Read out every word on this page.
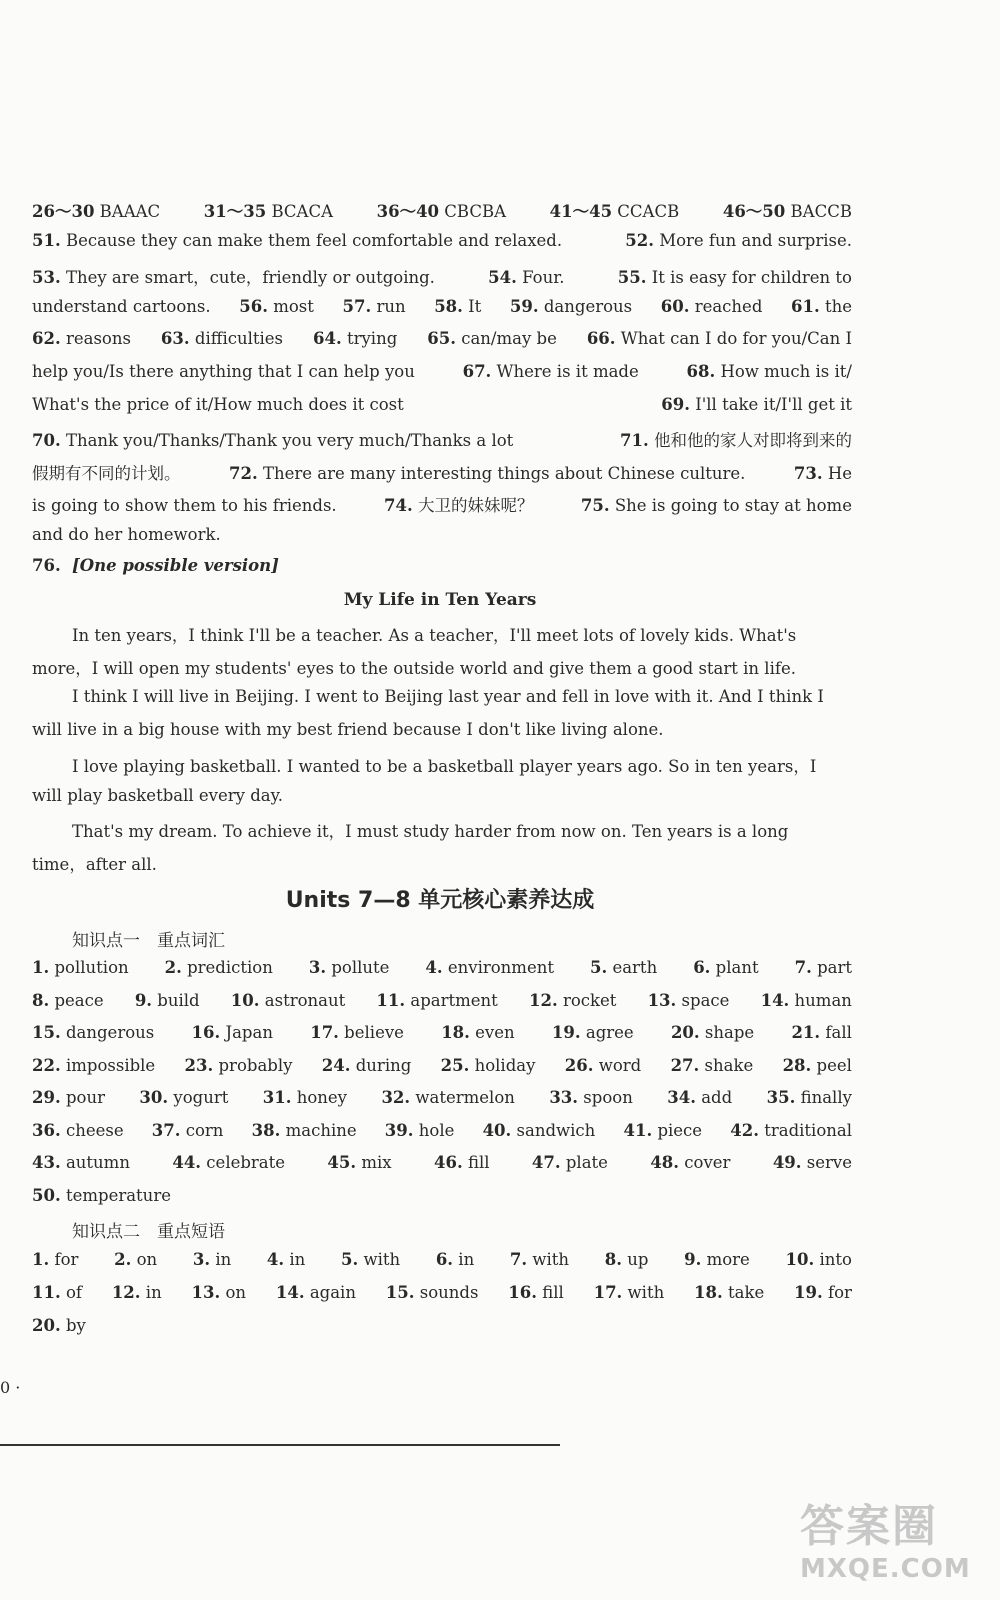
26～30 BAAAC	31～35 BCACA	36～40 CBCBA	41～45 CCACB	46～50 BACCB
51. Because they can make them feel comfortable and relaxed.	52. More fun and surprise.
53. They are smart，cute，friendly or outgoing.	54. Four.	55. It is easy for children to
understand cartoons. 56. most 57. run 58. It 59. dangerous 60. reached 61. the
62. reasons 63. difficulties 64. trying 65. can/may be 66. What can I do for you/Can I
help you/Is there anything that I can help you	67. Where is it made	68. How much is it/
What's the price of it/How much does it cost	69. I'll take it/I'll get it
70. Thank you/Thanks/Thank you very much/Thanks a lot	71. 他和他的家人对即将到来的
假期有不同的计划。	72. There are many interesting things about Chinese culture.	73. He
is going to show them to his friends.	74. 大卫的妹妹呢？	75. She is going to stay at home
and do her homework.
76. [One possible version]
My Life in Ten Years
In ten years，I think I'll be a teacher. As a teacher，I'll meet lots of lovely kids. What's
more，I will open my students' eyes to the outside world and give them a good start in life.
I think I will live in Beijing. I went to Beijing last year and fell in love with it. And I think I
will live in a big house with my best friend because I don't like living alone.
I love playing basketball. I wanted to be a basketball player years ago. So in ten years，I
will play basketball every day.
That's my dream. To achieve it，I must study harder from now on. Ten years is a long
time，after all.
Units 7—8 单元核心素养达成
知识点一　重点词汇
1. pollution 2. prediction 3. pollute 4. environment 5. earth 6. plant 7. part
8. peace 9. build 10. astronaut 11. apartment 12. rocket 13. space 14. human
15. dangerous 16. Japan 17. believe 18. even 19. agree 20. shape 21. fall
22. impossible 23. probably 24. during 25. holiday 26. word 27. shake 28. peel
29. pour 30. yogurt 31. honey 32. watermelon 33. spoon 34. add 35. finally
36. cheese 37. corn 38. machine 39. hole 40. sandwich 41. piece 42. traditional
43. autumn	44. celebrate	45. mix	46. fill	47. plate	48. cover	49. serve
50. temperature
知识点二　重点短语
1. for 2. on 3. in 4. in 5. with 6. in 7. with 8. up 9. more 10. into
11. of 12. in 13. on 14. again 15. sounds 16. fill 17. with 18. take 19. for
20. by
0 ·
答案圈
MXQE.COM
